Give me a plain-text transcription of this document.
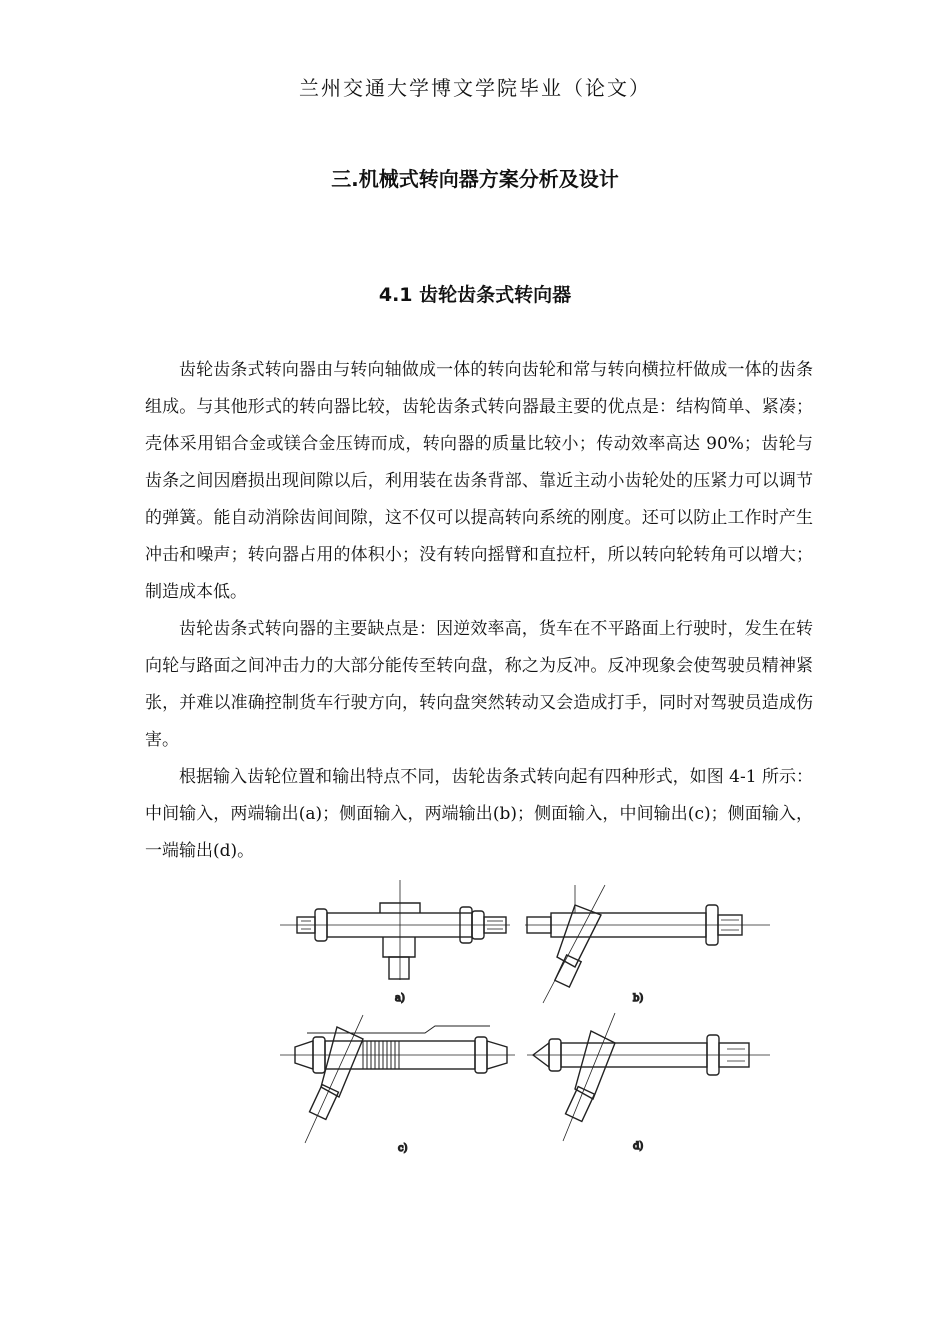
兰州交通大学博文学院毕业（论文）
三.机械式转向器方案分析及设计
4.1 齿轮齿条式转向器

齿轮齿条式转向器由与转向轴做成一体的转向齿轮和常与转向横拉杆做成一体的齿条组成。与其他形式的转向器比较，齿轮齿条式转向器最主要的优点是：结构简单、紧凑；壳体采用铝合金或镁合金压铸而成，转向器的质量比较小；传动效率高达 90%；齿轮与齿条之间因磨损出现间隙以后，利用装在齿条背部、靠近主动小齿轮处的压紧力可以调节的弹簧。能自动消除齿间间隙，这不仅可以提高转向系统的刚度。还可以防止工作时产生冲击和噪声；转向器占用的体积小；没有转向摇臂和直拉杆，所以转向轮转角可以增大；制造成本低。

齿轮齿条式转向器的主要缺点是：因逆效率高，货车在不平路面上行驶时，发生在转向轮与路面之间冲击力的大部分能传至转向盘，称之为反冲。反冲现象会使驾驶员精神紧张，并难以准确控制货车行驶方向，转向盘突然转动又会造成打手，同时对驾驶员造成伤害。

根据输入齿轮位置和输出特点不同，齿轮齿条式转向起有四种形式，如图 4-1 所示：中间输入，两端输出(a)；侧面输入，两端输出(b)；侧面输入，中间输出(c)；侧面输入，一端输出(d)。

a)	b)
c)	d)
